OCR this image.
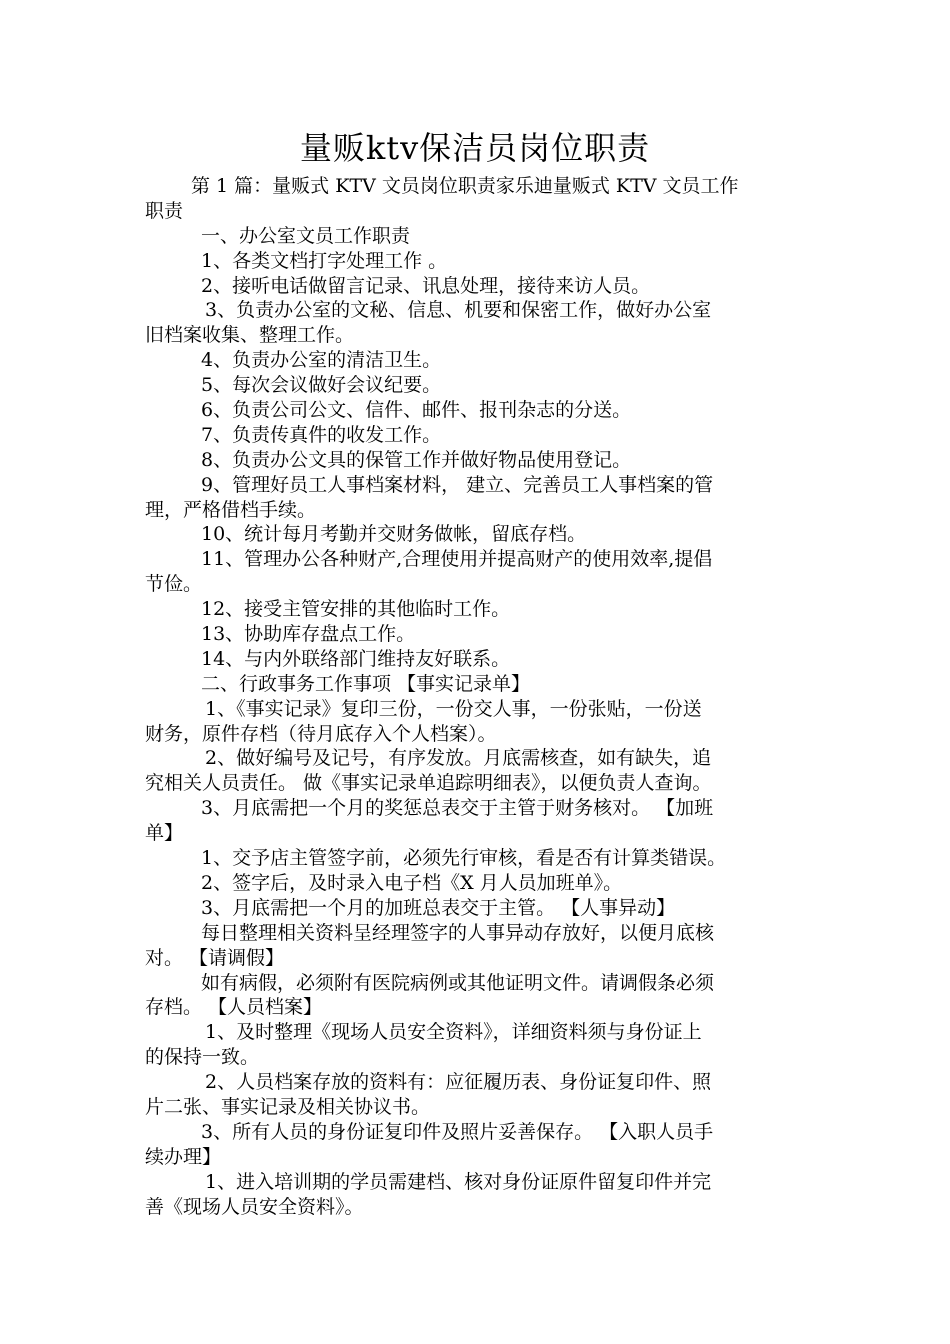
量贩ktv保洁员岗位职责
第 1 篇：量贩式 KTV 文员岗位职责家乐迪量贩式 KTV 文员工作
职责
一、办公室文员工作职责
1、各类文档打字处理工作 。
2、接听电话做留言记录、讯息处理，接待来访人员。
3、负责办公室的文秘、信息、机要和保密工作，做好办公室
旧档案收集、整理工作。
4、负责办公室的清洁卫生。
5、每次会议做好会议纪要。
6、负责公司公文、信件、邮件、报刊杂志的分送。
7、负责传真件的收发工作。
8、负责办公文具的保管工作并做好物品使用登记。
9、管理好员工人事档案材料， 建立、完善员工人事档案的管
理，严格借档手续。
10、统计每月考勤并交财务做帐，留底存档。
11、管理办公各种财产,合理使用并提高财产的使用效率,提倡
节俭。
12、接受主管安排的其他临时工作。
13、协助库存盘点工作。
14、与内外联络部门维持友好联系。
二、行政事务工作事项 【事实记录单】
1、《事实记录》复印三份，一份交人事，一份张贴，一份送
财务，原件存档（待月底存入个人档案）。
2、做好编号及记号，有序发放。月底需核查，如有缺失，追
究相关人员责任。 做《事实记录单追踪明细表》，以便负责人查询。
3、月底需把一个月的奖惩总表交于主管于财务核对。 【加班
单】
1、交予店主管签字前，必须先行审核，看是否有计算类错误。
2、签字后，及时录入电子档《X 月人员加班单》。
3、月底需把一个月的加班总表交于主管。 【人事异动】
每日整理相关资料呈经理签字的人事异动存放好，以便月底核
对。 【请调假】
如有病假，必须附有医院病例或其他证明文件。请调假条必须
存档。 【人员档案】
1、及时整理《现场人员安全资料》，详细资料须与身份证上
的保持一致。
2、人员档案存放的资料有：应征履历表、身份证复印件、照
片二张、事实记录及相关协议书。
3、所有人员的身份证复印件及照片妥善保存。 【入职人员手
续办理】
1、进入培训期的学员需建档、核对身份证原件留复印件并完
善《现场人员安全资料》。
